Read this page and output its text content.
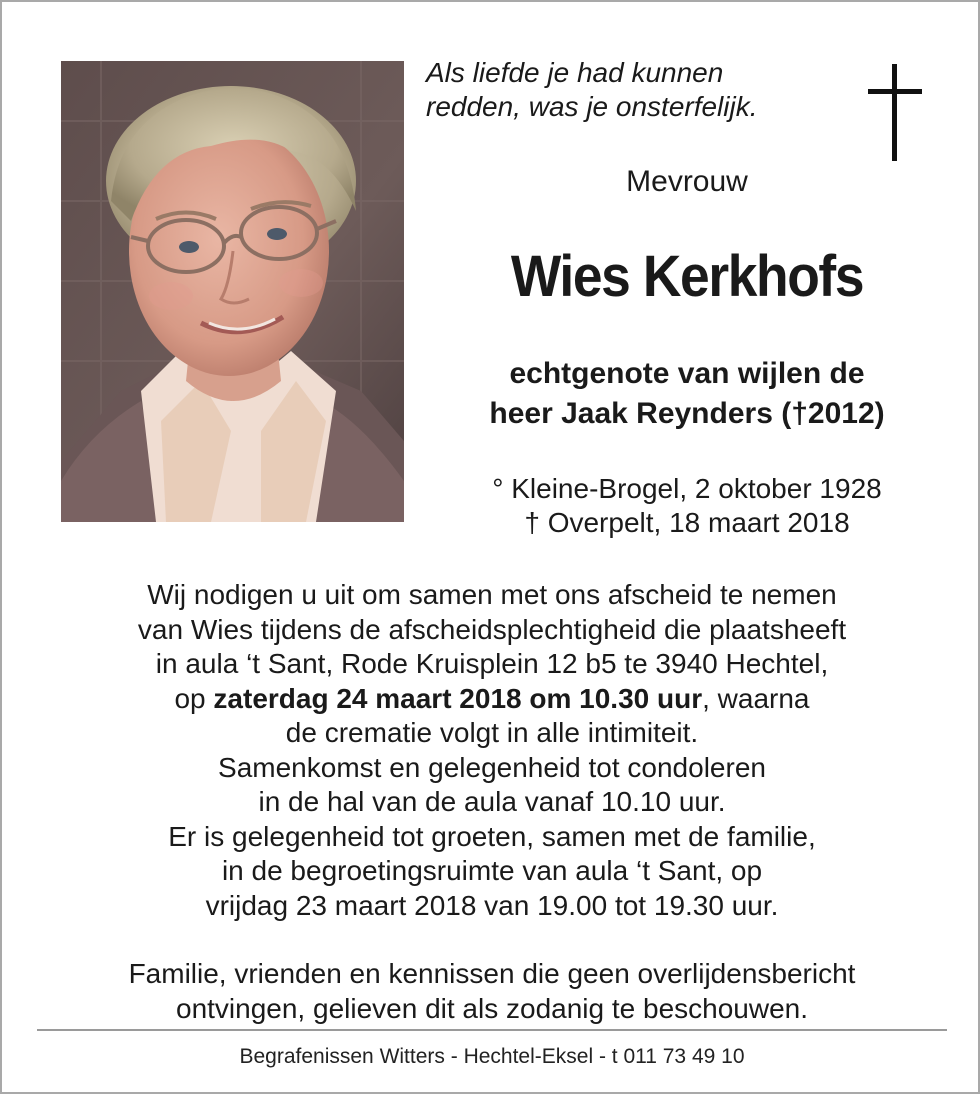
Als liefde je had kunnen
redden, was je onsterfelijk.
Mevrouw
Wies Kerkhofs
echtgenote van wijlen de
heer Jaak Reynders (†2012)
° Kleine-Brogel, 2 oktober 1928
† Overpelt, 18 maart 2018
Wij nodigen u uit om samen met ons afscheid te nemen
van Wies tijdens de afscheidsplechtigheid die plaatsheeft
in aula ‘t Sant, Rode Kruisplein 12 b5 te 3940 Hechtel,
op zaterdag 24 maart 2018 om 10.30 uur, waarna
de crematie volgt in alle intimiteit.
Samenkomst en gelegenheid tot condoleren
in de hal van de aula vanaf 10.10 uur.
Er is gelegenheid tot groeten, samen met de familie,
in de begroetingsruimte van aula ‘t Sant, op
vrijdag 23 maart 2018 van 19.00 tot 19.30 uur.
Familie, vrienden en kennissen die geen overlijdensbericht
ontvingen, gelieven dit als zodanig te beschouwen.
Begrafenissen Witters - Hechtel-Eksel - t 011 73 49 10
